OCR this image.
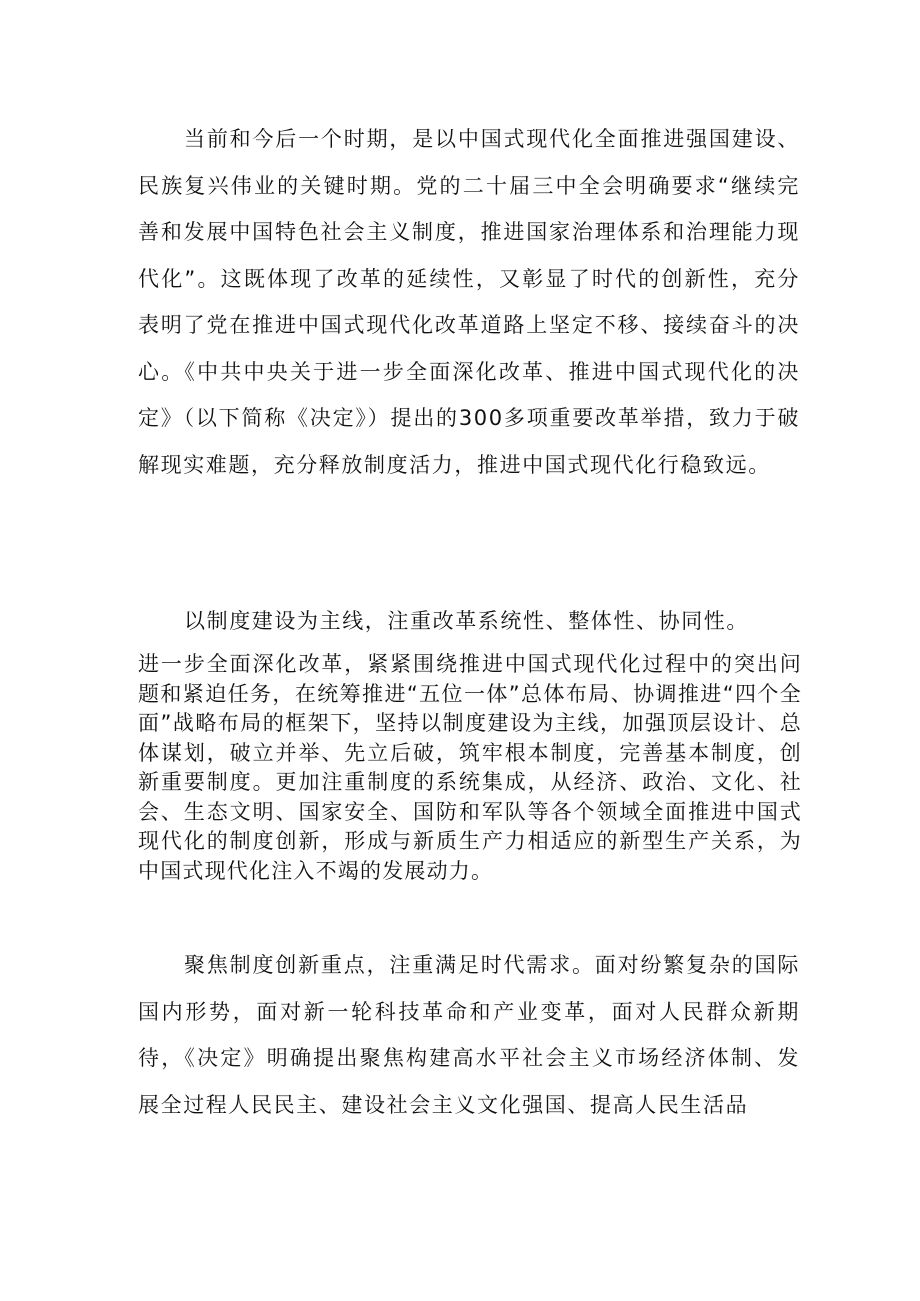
当前和今后一个时期，是以中国式现代化全面推进强国建设、民族复兴伟业的关键时期。党的二十届三中全会明确要求“继续完善和发展中国特色社会主义制度，推进国家治理体系和治理能力现代化”。这既体现了改革的延续性，又彰显了时代的创新性，充分表明了党在推进中国式现代化改革道路上坚定不移、接续奋斗的决心。《中共中央关于进一步全面深化改革、推进中国式现代化的决定》（以下简称《决定》）提出的300多项重要改革举措，致力于破解现实难题，充分释放制度活力，推进中国式现代化行稳致远。

以制度建设为主线，注重改革系统性、整体性、协同性。

进一步全面深化改革，紧紧围绕推进中国式现代化过程中的突出问题和紧迫任务，在统筹推进“五位一体”总体布局、协调推进“四个全面”战略布局的框架下，坚持以制度建设为主线，加强顶层设计、总体谋划，破立并举、先立后破，筑牢根本制度，完善基本制度，创新重要制度。更加注重制度的系统集成，从经济、政治、文化、社会、生态文明、国家安全、国防和军队等各个领域全面推进中国式现代化的制度创新，形成与新质生产力相适应的新型生产关系，为中国式现代化注入不竭的发展动力。

聚焦制度创新重点，注重满足时代需求。面对纷繁复杂的国际国内形势，面对新一轮科技革命和产业变革，面对人民群众新期待，《决定》明确提出聚焦构建高水平社会主义市场经济体制、发展全过程人民民主、建设社会主义文化强国、提高人民生活品
